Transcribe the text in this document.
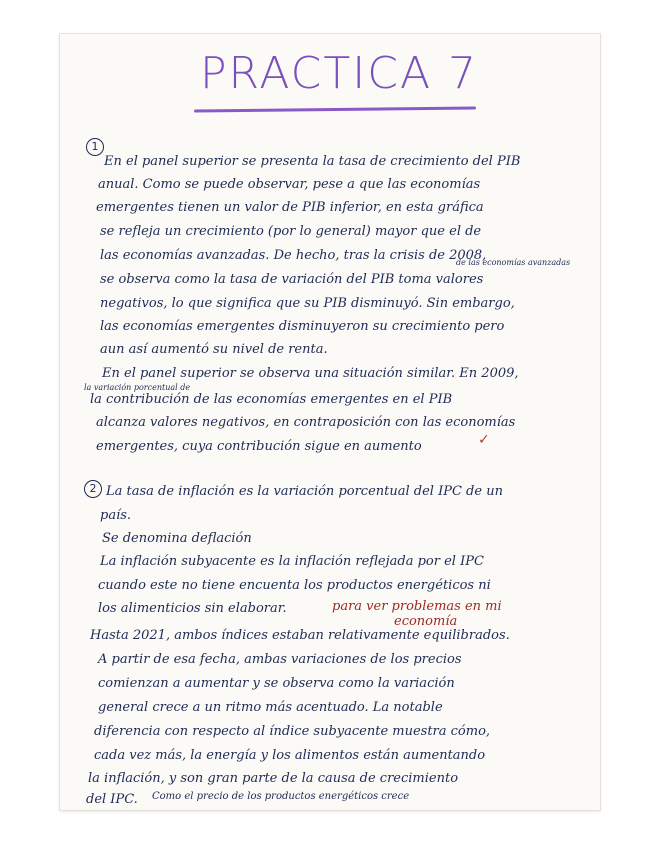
PRACTICA 7
1
En el panel superior se presenta la tasa de crecimiento del PIB
anual. Como se puede observar, pese a que las economías
emergentes tienen un valor de PIB inferior, en esta gráfica
se refleja un crecimiento (por lo general) mayor que el de
las economías avanzadas. De hecho, tras la crisis de 2008,
de las economías avanzadas
se observa como la tasa de variación del PIB toma valores
negativos, lo que significa que su PIB disminuyó. Sin embargo,
las economías emergentes disminuyeron su crecimiento pero
aun así aumentó su nivel de renta.
En el panel superior se observa una situación similar. En 2009,
la variación porcentual de
la contribución de las economías emergentes en el PIB
alcanza valores negativos, en contraposición con las economías
emergentes, cuya contribución sigue en aumento	✓
2 La tasa de inflación es la variación porcentual del IPC de un
país.
Se denomina deflación
La inflación subyacente es la inflación reflejada por el IPC
cuando este no tiene encuenta los productos energéticos ni
los alimenticios sin elaborar.	para ver problemas en mi
economía
Hasta 2021, ambos índices estaban relativamente equilibrados.
A partir de esa fecha, ambas variaciones de los precios
comienzan a aumentar y se observa como la variación
general crece a un ritmo más acentuado. La notable
diferencia con respecto al índice subyacente muestra cómo,
cada vez más, la energía y los alimentos están aumentando
la inflación, y son gran parte de la causa de crecimiento
del IPC. Como el precio de los productos energéticos crece
